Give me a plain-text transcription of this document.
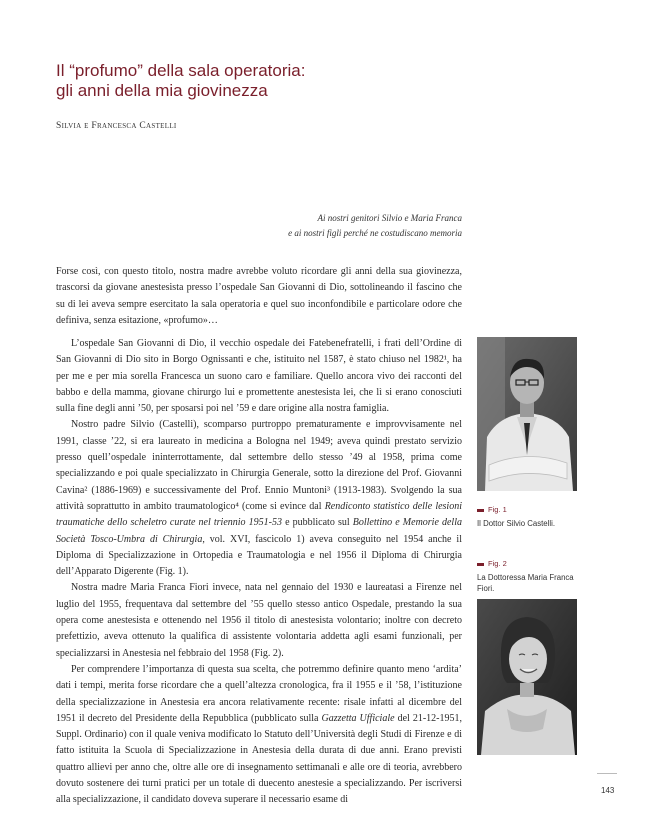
Il “profumo” della sala operatoria:
gli anni della mia giovinezza
Silvia e Francesca Castelli
Ai nostri genitori Silvio e Maria Franca
e ai nostri figli perché ne costudiscano memoria

Forse così, con questo titolo, nostra madre avrebbe voluto ricordare gli anni della sua giovinezza, trascorsi da giovane anestesista presso l’ospedale San Giovanni di Dio, sottolineando il fascino che su di lei aveva sempre esercitato la sala operatoria e quel suo inconfondibile e particolare odore che definiva, senza esitazione, «profumo»…

L’ospedale San Giovanni di Dio, il vecchio ospedale dei Fatebenefratelli, i frati dell’Ordine di San Giovanni di Dio sito in Borgo Ognissanti e che, istituito nel 1587, è stato chiuso nel 1982¹, ha per me e per mia sorella Francesca un suono caro e familiare. Quello ancora vivo dei racconti del babbo e della mamma, giovane chirurgo lui e promettente anestesista lei, che lì si erano conosciuti sulla fine degli anni ’50, per sposarsi poi nel ’59 e dare origine alla nostra famiglia.

Nostro padre Silvio (Castelli), scomparso purtroppo prematuramente e improvvisamente nel 1991, classe ’22, si era laureato in medicina a Bologna nel 1949; aveva quindi prestato servizio presso quell’ospedale ininterrottamente, dal settembre dello stesso ’49 al 1958, prima come specializzando e poi quale specializzato in Chirurgia Generale, sotto la direzione del Prof. Giovanni Cavina² (1886-1969) e successivamente del Prof. Ennio Muntoni³ (1913-1983). Svolgendo la sua attività soprattutto in ambito traumatologico⁴ (come si evince dal Rendiconto statistico delle lesioni traumatiche dello scheletro curate nel triennio 1951-53 e pubblicato sul Bollettino e Memorie della Società Tosco-Umbra di Chirurgia, vol. XVI, fascicolo 1) aveva conseguito nel 1954 anche il Diploma di Specializzazione in Ortopedia e Traumatologia e nel 1956 il Diploma di Chirurgia dell’Apparato Digerente (Fig. 1).

Nostra madre Maria Franca Fiori invece, nata nel gennaio del 1930 e laureatasi a Firenze nel luglio del 1955, frequentava dal settembre del ’55 quello stesso antico Ospedale, prestando la sua opera come anestesista e ottenendo nel 1956 il titolo di anestesista volontario; inoltre con decreto prefettizio, aveva ottenuto la qualifica di assistente volontaria addetta agli esami funzionali, per specializzarsi in Anestesia nel febbraio del 1958 (Fig. 2).

Per comprendere l’importanza di questa sua scelta, che potremmo definire quanto meno ‘ardita’ dati i tempi, merita forse ricordare che a quell’altezza cronologica, fra il 1955 e il ’58, l’istituzione della specializzazione in Anestesia era ancora relativamente recente: risale infatti al dicembre del 1951 il decreto del Presidente della Repubblica (pubblicato sulla Gazzetta Ufficiale del 21-12-1951, Suppl. Ordinario) con il quale veniva modificato lo Statuto dell’Università degli Studi di Firenze e di fatto istituita la Scuola di Specializzazione in Anestesia della durata di due anni. Erano previsti quattro allievi per anno che, oltre alle ore di insegnamento settimanali e alle ore di teoria, avrebbero dovuto sostenere dei turni pratici per un totale di duecento anestesie a specializzando. Per iscriversi alla specializzazione, il candidato doveva superare il necessario esame di

Fig. 1
Il Dottor Silvio Castelli.
Fig. 2
La Dottoressa Maria Franca Fiori.
143
